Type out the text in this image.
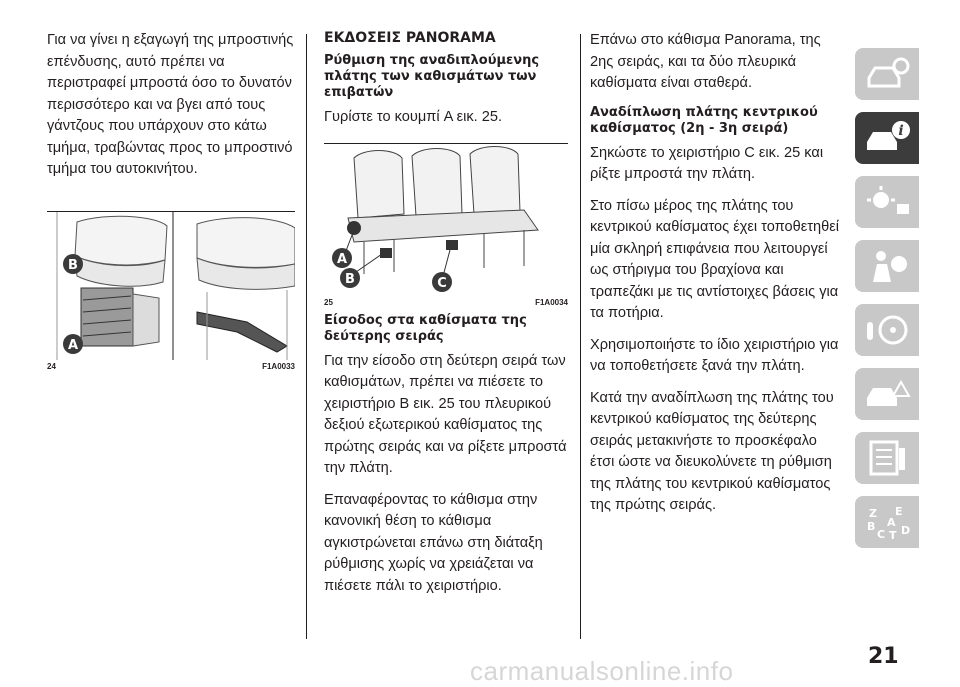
Για να γίνει η εξαγωγή της μπροστινής επένδυσης, αυτό πρέπει να περιστραφεί μπροστά όσο το δυνατόν περισσότερο και να βγει από τους γάντζους που υπάρχουν στο κάτω τμήμα, τραβώντας προς το μπροστινό τμήμα του αυτοκινήτου.

B
A
24	F1A0033
ΕΚΔΟΣΕΙΣ PANORAMA
Ρύθμιση της αναδιπλούμενης πλάτης των καθισμάτων των επιβατών

Γυρίστε το κουμπί A εικ. 25.

A
B	C
25	F1A0034
Είσοδος στα καθίσματα της δεύτερης σειράς

Για την είσοδο στη δεύτερη σειρά των καθισμάτων, πρέπει να πιέσετε το χειριστήριο B εικ. 25 του πλευρικού δεξιού εξωτερικού καθίσματος της πρώτης σειράς και να ρίξετε μπροστά την πλάτη.

Επαναφέροντας το κάθισμα στην κανονική θέση το κάθισμα αγκιστρώνεται επάνω στη διάταξη ρύθμισης χωρίς να χρειάζεται να πιέσετε πάλι το χειριστήριο.

Επάνω στο κάθισμα Panorama, της 2ης σειράς, και τα δύο πλευρικά καθίσματα είναι σταθερά.

Αναδίπλωση πλάτης κεντρικού καθίσματος (2η - 3η σειρά)

Σηκώστε το χειριστήριο C εικ. 25 και ρίξτε μπροστά την πλάτη.

Στο πίσω μέρος της πλάτης του κεντρικού καθίσματος έχει τοποθετηθεί μία σκληρή επιφάνεια που λειτουργεί ως στήριγμα του βραχίονα και τραπεζάκι με τις αντίστοιχες βάσεις για τα ποτήρια.

Χρησιμοποιήστε το ίδιο χειριστήριο για να τοποθετήσετε ξανά την πλάτη.

Κατά την αναδίπλωση της πλάτης του κεντρικού καθίσματος της δεύτερης σειράς μετακινήστε το προσκέφαλο έτσι ώστε να διευκολύνετε τη ρύθμιση της πλάτης του κεντρικού καθίσματος της πρώτης σειράς.

i
Z E
A
B
C D
T
21
carmanualsonline.info
